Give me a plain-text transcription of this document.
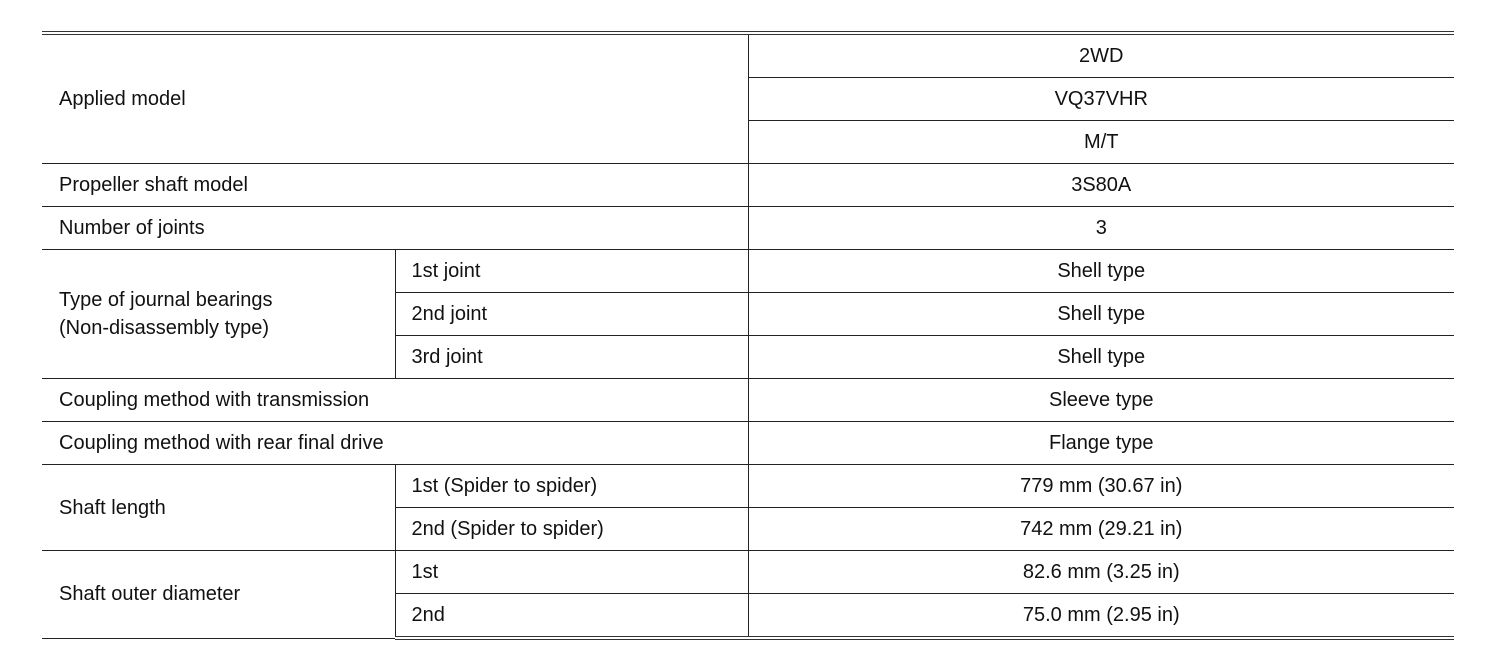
Applied model		2WD
		VQ37VHR
		M/T
Propeller shaft model		3S80A
Number of joints		3

Type of journal bearings
(Non-disassembly type)	1st joint	Shell type
	2nd joint	Shell type
	3rd joint	Shell type
Coupling method with transmission		Sleeve type
Coupling method with rear final drive		Flange type
Shaft length	1st (Spider to spider)	779 mm (30.67 in)
	2nd (Spider to spider)	742 mm (29.21 in)
Shaft outer diameter	1st	82.6 mm (3.25 in)
	2nd	75.0 mm (2.95 in)
